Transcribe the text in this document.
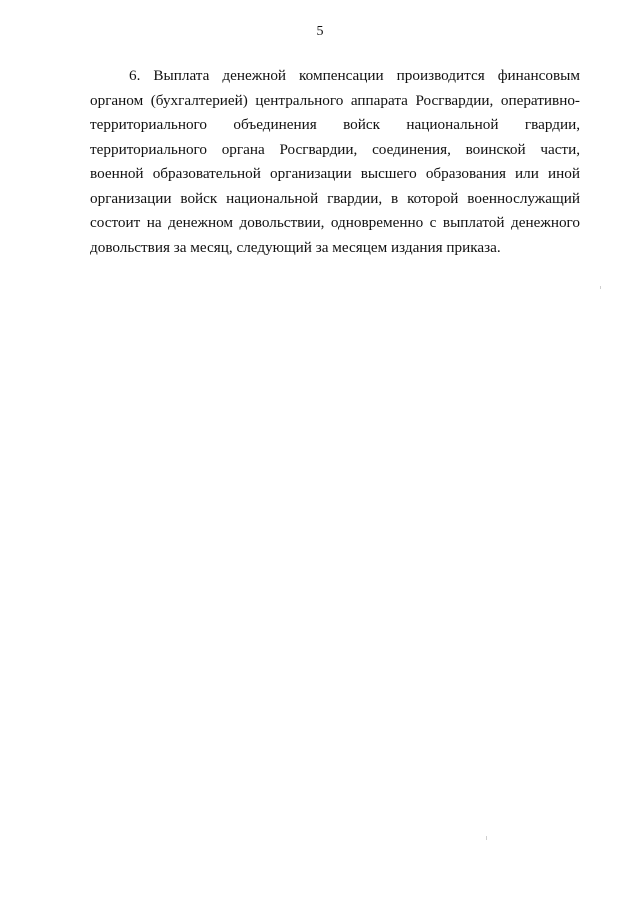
5
6. Выплата денежной компенсации производится финансовым
органом (бухгалтерией) центрального аппарата Росгвардии, оперативно-
территориального объединения войск национальной гвардии,
территориального органа Росгвардии, соединения, воинской части,
военной образовательной организации высшего образования или иной
организации войск национальной гвардии, в которой военнослужащий
состоит на денежном довольствии, одновременно с выплатой денежного
довольствия за месяц, следующий за месяцем издания приказа.
